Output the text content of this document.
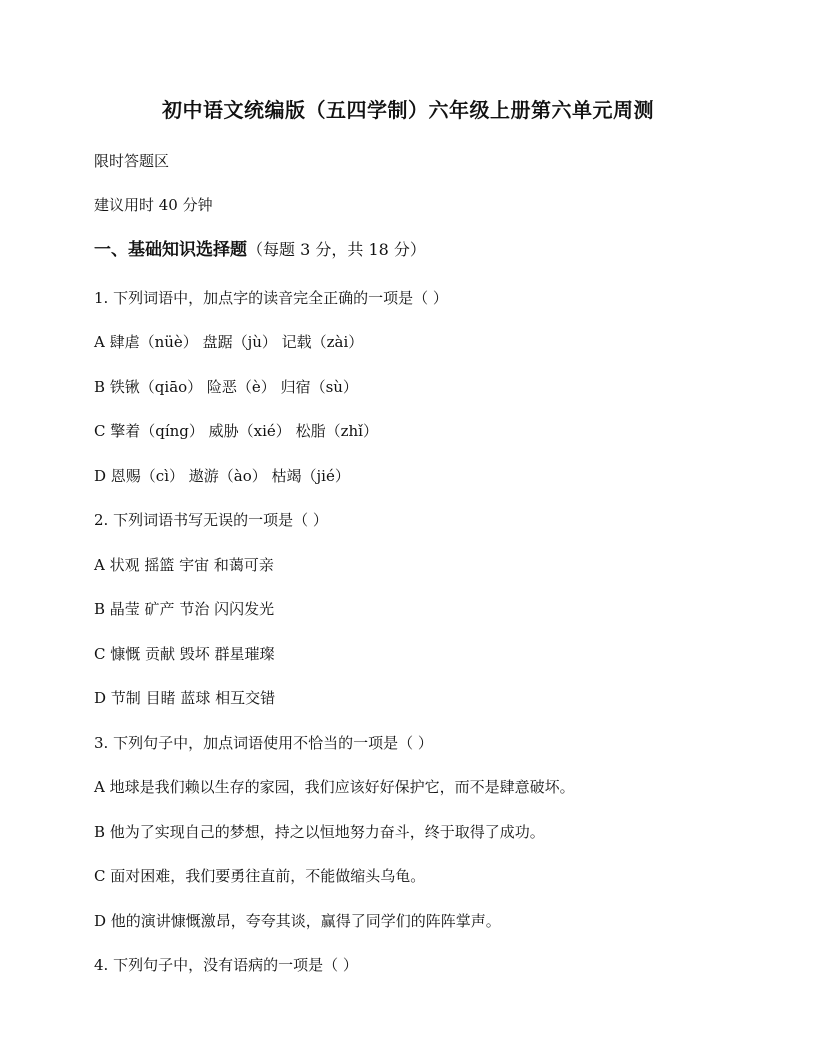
初中语文统编版（五四学制）六年级上册第六单元周测
限时答题区
建议用时 40 分钟
一、基础知识选择题（每题 3 分，共 18 分）
1. 下列词语中，加点字的读音完全正确的一项是（ ）
A 肆虐（nüè） 盘踞（jù） 记载（zài）
B 铁锹（qiāo） 险恶（è） 归宿（sù）
C 擎着（qíng） 威胁（xié） 松脂（zhǐ）
D 恩赐（cì） 遨游（ào） 枯竭（jié）
2. 下列词语书写无误的一项是（ ）
A 状观 摇篮 宇宙 和蔼可亲
B 晶莹 矿产 节治 闪闪发光
C 慷慨 贡献 毁坏 群星璀璨
D 节制 目睹 蓝球 相互交错
3. 下列句子中，加点词语使用不恰当的一项是（ ）
A 地球是我们赖以生存的家园，我们应该好好保护它，而不是肆意破坏。
B 他为了实现自己的梦想，持之以恒地努力奋斗，终于取得了成功。
C 面对困难，我们要勇往直前，不能做缩头乌龟。
D 他的演讲慷慨激昂，夸夸其谈，赢得了同学们的阵阵掌声。
4. 下列句子中，没有语病的一项是（ ）
